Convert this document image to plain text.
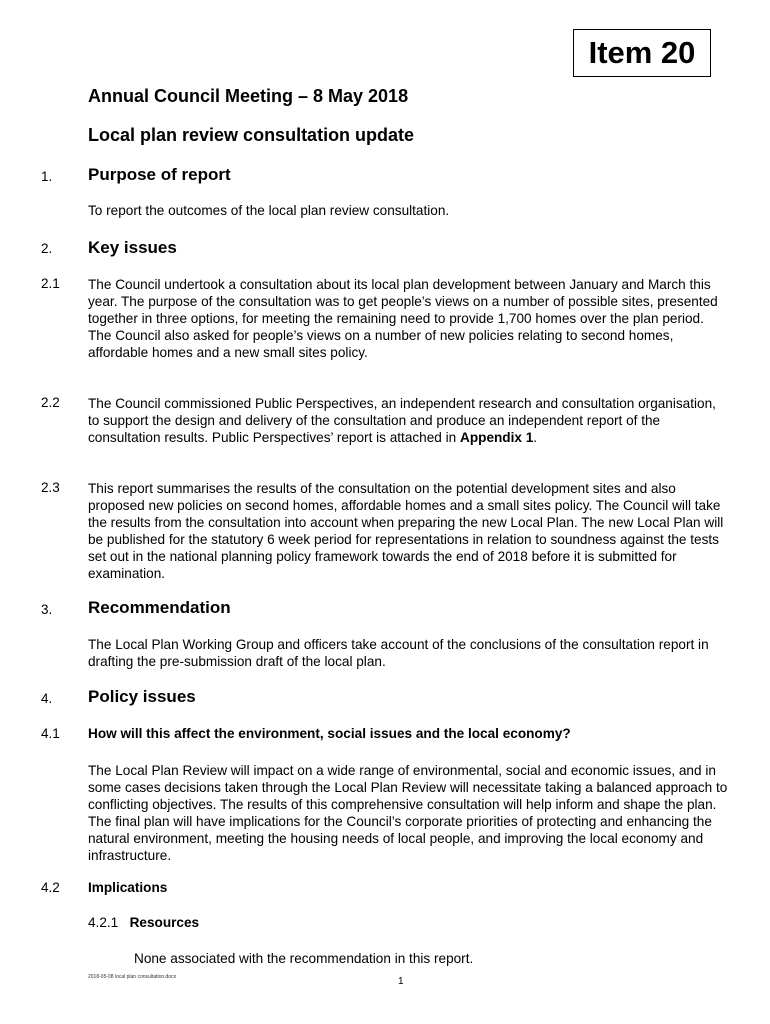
Item 20
Annual Council Meeting – 8 May 2018
Local plan review consultation update
1. Purpose of report
To report the outcomes of the local plan review consultation.
2. Key issues
2.1 The Council undertook a consultation about its local plan development between January and March this year. The purpose of the consultation was to get people’s views on a number of possible sites, presented together in three options, for meeting the remaining need to provide 1,700 homes over the plan period. The Council also asked for people’s views on a number of new policies relating to second homes, affordable homes and a new small sites policy.
2.2 The Council commissioned Public Perspectives, an independent research and consultation organisation, to support the design and delivery of the consultation and produce an independent report of the consultation results. Public Perspectives’ report is attached in Appendix 1.
2.3 This report summarises the results of the consultation on the potential development sites and also proposed new policies on second homes, affordable homes and a small sites policy. The Council will take the results from the consultation into account when preparing the new Local Plan. The new Local Plan will be published for the statutory 6 week period for representations in relation to soundness against the tests set out in the national planning policy framework towards the end of 2018 before it is submitted for examination.
3. Recommendation
The Local Plan Working Group and officers take account of the conclusions of the consultation report in drafting the pre-submission draft of the local plan.
4. Policy issues
4.1 How will this affect the environment, social issues and the local economy?
The Local Plan Review will impact on a wide range of environmental, social and economic issues, and in some cases decisions taken through the Local Plan Review will necessitate taking a balanced approach to conflicting objectives. The results of this comprehensive consultation will help inform and shape the plan. The final plan will have implications for the Council’s corporate priorities of protecting and enhancing the natural environment, meeting the housing needs of local people, and improving the local economy and infrastructure.
4.2 Implications
4.2.1 Resources
None associated with the recommendation in this report.
2018-05-08 local plan consultation.docx	1
